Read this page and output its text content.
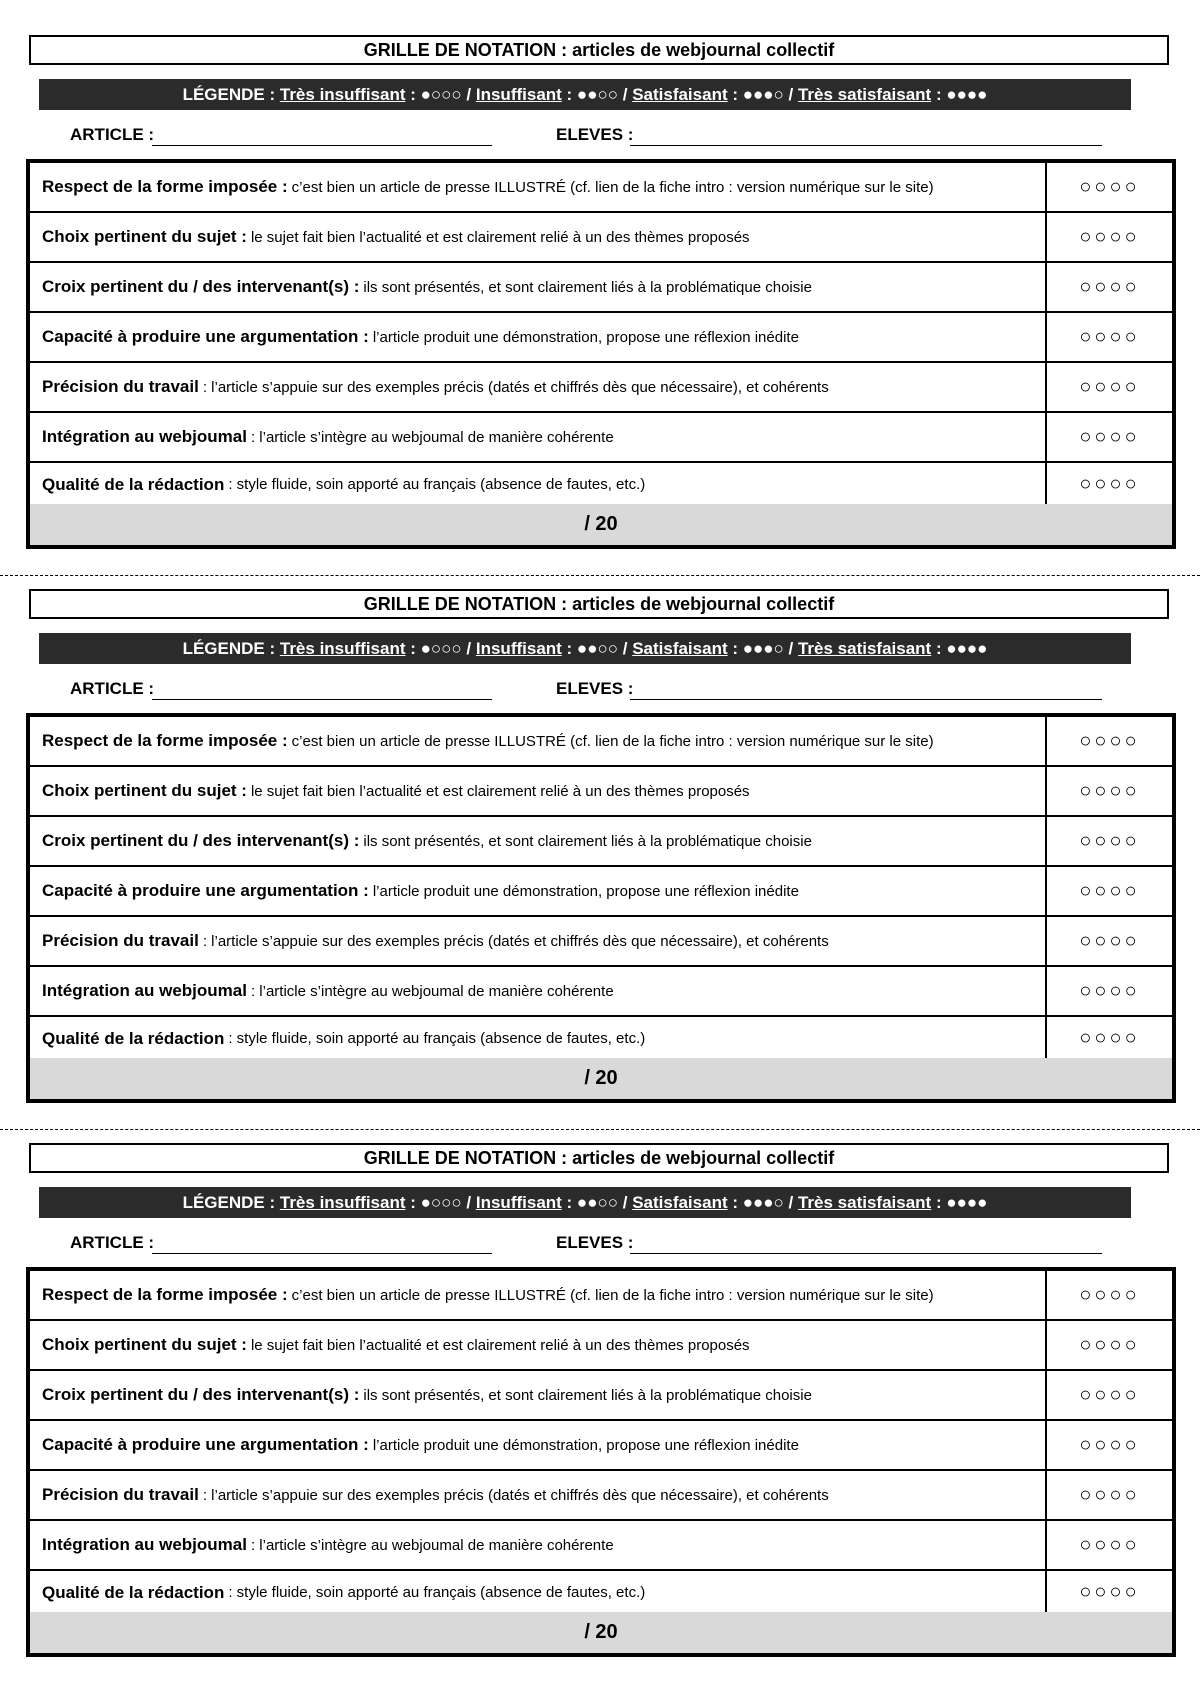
GRILLE DE NOTATION : articles de webjournal collectif
LÉGENDE : Très insuffisant : ●○○○ / Insuffisant : ●●○○ / Satisfaisant : ●●●○ / Très satisfaisant : ●●●●
ARTICLE :	ELEVES :
Respect de la forme imposée : c’est bien un article de presse ILLUSTRÉ (cf. lien de la fiche intro : version numérique sur le site)	○○○○
Choix pertinent du sujet : le sujet fait bien l’actualité et est clairement relié à un des thèmes proposés	○○○○
Croix pertinent du / des intervenant(s) : ils sont présentés, et sont clairement liés à la problématique choisie	○○○○
Capacité à produire une argumentation : l’article produit une démonstration, propose une réflexion inédite	○○○○
Précision du travail : l’article s’appuie sur des exemples précis (datés et chiffrés dès que nécessaire), et cohérents	○○○○
Intégration au webjoumal : l’article s’intègre au webjoumal de manière cohérente	○○○○
Qualité de la rédaction : style fluide, soin apporté au français (absence de fautes, etc.)	○○○○
/ 20
GRILLE DE NOTATION : articles de webjournal collectif
LÉGENDE : Très insuffisant : ●○○○ / Insuffisant : ●●○○ / Satisfaisant : ●●●○ / Très satisfaisant : ●●●●
ARTICLE :	ELEVES :
Respect de la forme imposée : c’est bien un article de presse ILLUSTRÉ (cf. lien de la fiche intro : version numérique sur le site)	○○○○
Choix pertinent du sujet : le sujet fait bien l’actualité et est clairement relié à un des thèmes proposés	○○○○
Croix pertinent du / des intervenant(s) : ils sont présentés, et sont clairement liés à la problématique choisie	○○○○
Capacité à produire une argumentation : l’article produit une démonstration, propose une réflexion inédite	○○○○
Précision du travail : l’article s’appuie sur des exemples précis (datés et chiffrés dès que nécessaire), et cohérents	○○○○
Intégration au webjoumal : l’article s’intègre au webjoumal de manière cohérente	○○○○
Qualité de la rédaction : style fluide, soin apporté au français (absence de fautes, etc.)	○○○○
/ 20
GRILLE DE NOTATION : articles de webjournal collectif
LÉGENDE : Très insuffisant : ●○○○ / Insuffisant : ●●○○ / Satisfaisant : ●●●○ / Très satisfaisant : ●●●●
ARTICLE :	ELEVES :
Respect de la forme imposée : c’est bien un article de presse ILLUSTRÉ (cf. lien de la fiche intro : version numérique sur le site)	○○○○
Choix pertinent du sujet : le sujet fait bien l’actualité et est clairement relié à un des thèmes proposés	○○○○
Croix pertinent du / des intervenant(s) : ils sont présentés, et sont clairement liés à la problématique choisie	○○○○
Capacité à produire une argumentation : l’article produit une démonstration, propose une réflexion inédite	○○○○
Précision du travail : l’article s’appuie sur des exemples précis (datés et chiffrés dès que nécessaire), et cohérents	○○○○
Intégration au webjoumal : l’article s’intègre au webjoumal de manière cohérente	○○○○
Qualité de la rédaction : style fluide, soin apporté au français (absence de fautes, etc.)	○○○○
/ 20
